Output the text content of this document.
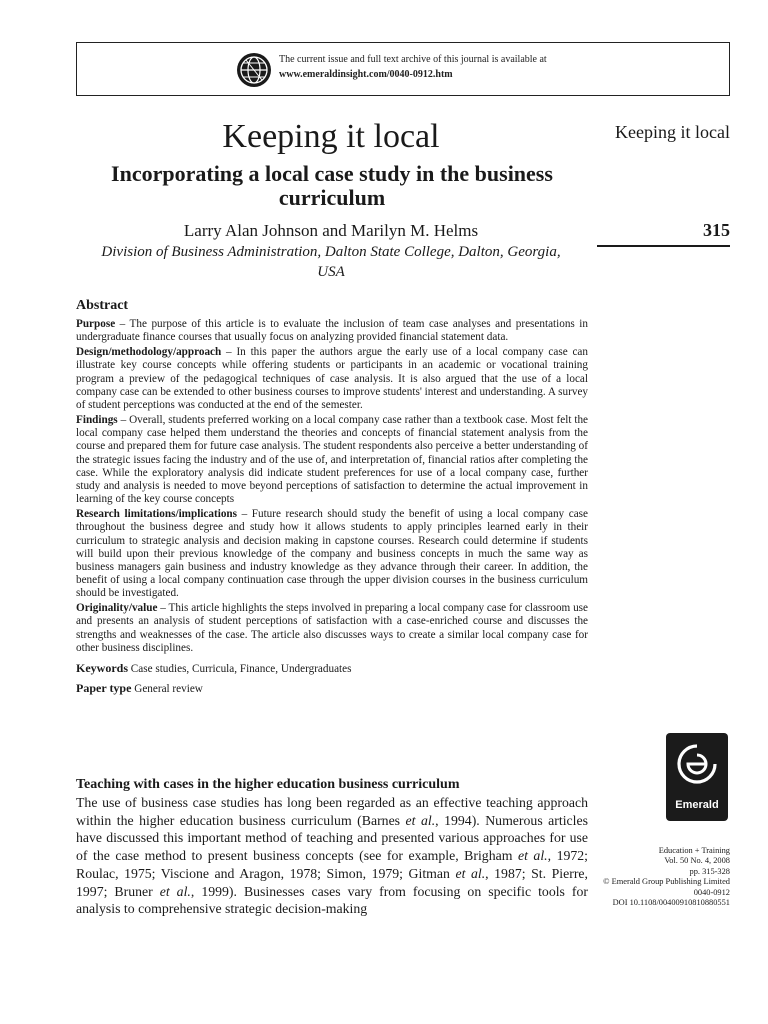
The current issue and full text archive of this journal is available at
www.emeraldinsight.com/0040-0912.htm
Keeping it local
Incorporating a local case study in the business curriculum
Larry Alan Johnson and Marilyn M. Helms
Division of Business Administration, Dalton State College, Dalton, Georgia, USA
Keeping it local
315
Abstract

Purpose – The purpose of this article is to evaluate the inclusion of team case analyses and presentations in undergraduate finance courses that usually focus on analyzing provided financial statement data.

Design/methodology/approach – In this paper the authors argue the early use of a local company case can illustrate key course concepts while offering students or participants in an academic or vocational training program a preview of the pedagogical techniques of case analysis. It is also argued that the use of a local company case can be extended to other business courses to improve students' interest and understanding. A survey of student perceptions was conducted at the end of the semester.

Findings – Overall, students preferred working on a local company case rather than a textbook case. Most felt the local company case helped them understand the theories and concepts of financial statement analysis from the course and prepared them for future case analysis. The student respondents also perceive a better understanding of the strategic issues facing the industry and of the use of, and interpretation of, financial ratios after completing the case. While the exploratory analysis did indicate student preferences for use of a local company case, further study and analysis is needed to move beyond perceptions of satisfaction to determine the actual improvement in learning of the key course concepts

Research limitations/implications – Future research should study the benefit of using a local company case throughout the business degree and study how it allows students to apply principles learned early in their curriculum to strategic analysis and decision making in capstone courses. Research could determine if students will build upon their previous knowledge of the company and business concepts in much the same way as business managers gain business and industry knowledge as they advance through their career. In addition, the benefit of using a local company continuation case through the upper division courses in the business curriculum should be investigated.

Originality/value – This article highlights the steps involved in preparing a local company case for classroom use and presents an analysis of student perceptions of satisfaction with a case-enriched course and discusses the strengths and weaknesses of the case. The article also discusses ways to create a similar local company case for other business disciplines.

Keywords Case studies, Curricula, Finance, Undergraduates

Paper type General review

Teaching with cases in the higher education business curriculum

The use of business case studies has long been regarded as an effective teaching approach within the higher education business curriculum (Barnes et al., 1994). Numerous articles have discussed this important method of teaching and presented various approaches for use of the case method to present business concepts (see for example, Brigham et al., 1972; Roulac, 1975; Viscione and Aragon, 1978; Simon, 1979; Gitman et al., 1987; St. Pierre, 1997; Bruner et al., 1999). Businesses cases vary from focusing on specific tools for analysis to comprehensive strategic decision-making

Emerald
Education + Training
Vol. 50 No. 4, 2008
pp. 315-328
© Emerald Group Publishing Limited
0040-0912
DOI 10.1108/00400910810880551
